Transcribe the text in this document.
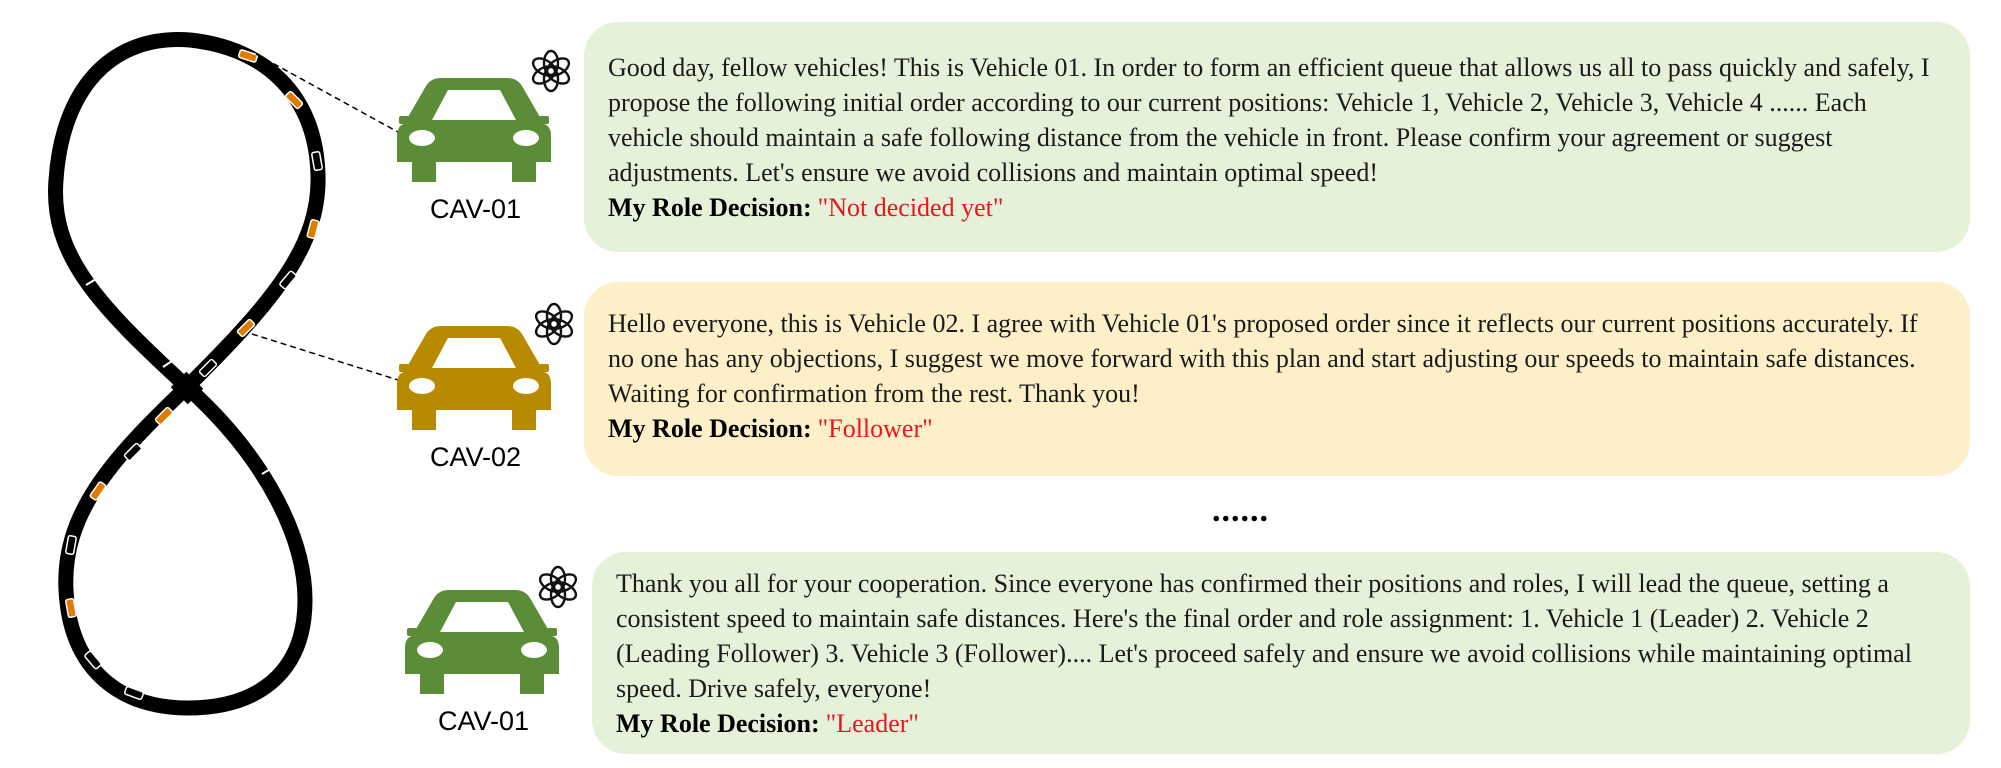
CAV-01

Good day, fellow vehicles! This is Vehicle 01. In order to form an efficient queue that allows us all to pass quickly and safely, I propose the following initial order according to our current positions: Vehicle 1, Vehicle 2, Vehicle 3, Vehicle 4 ...... Each vehicle should maintain a safe following distance from the vehicle in front. Please confirm your agreement or suggest adjustments. Let's ensure we avoid collisions and maintain optimal speed!

My Role Decision: "Not decided yet"

CAV-02

Hello everyone, this is Vehicle 02. I agree with Vehicle 01's proposed order since it reflects our current positions accurately. If no one has any objections, I suggest we move forward with this plan and start adjusting our speeds to maintain safe distances. Waiting for confirmation from the rest. Thank you!

My Role Decision: "Follower"

......
CAV-01

Thank you all for your cooperation. Since everyone has confirmed their positions and roles, I will lead the queue, setting a consistent speed to maintain safe distances. Here's the final order and role assignment: 1. Vehicle 1 (Leader) 2. Vehicle 2 (Leading Follower) 3. Vehicle 3 (Follower).... Let's proceed safely and ensure we avoid collisions while maintaining optimal speed. Drive safely, everyone!

My Role Decision: "Leader"
